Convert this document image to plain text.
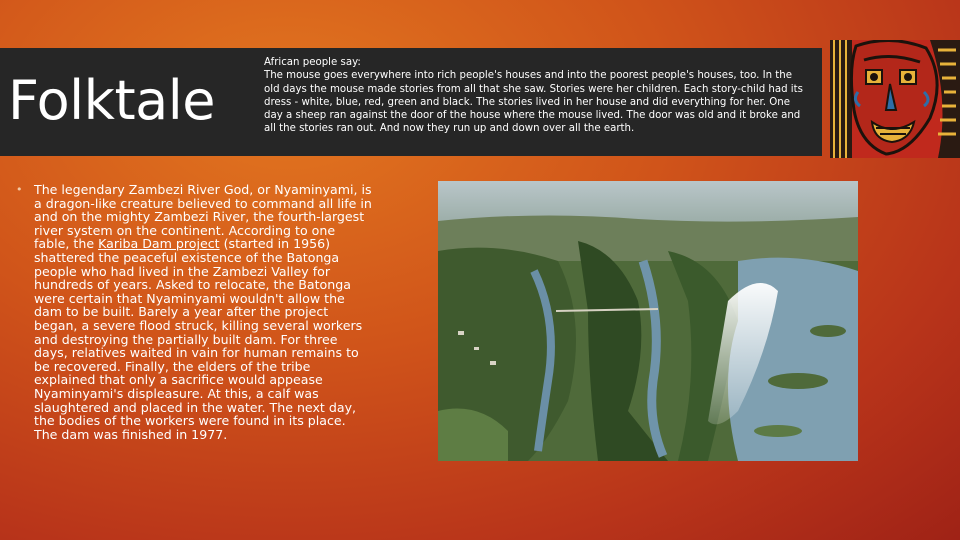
Folktale
African people say:
The mouse goes everywhere into rich people's houses and into the poorest people's houses, too. In the old days the mouse made stories from all that she saw. Stories were her children. Each story-child had its dress - white, blue, red, green and black. The stories lived in her house and did everything for her. One day a sheep ran against the door of the house where the mouse lived. The door was old and it broke and all the stories ran out. And now they run up and down over all the earth.
• The legendary Zambezi River God, or Nyaminyami, is a dragon-like creature believed to command all life in and on the mighty Zambezi River, the fourth-largest river system on the continent. According to one fable, the Kariba Dam project (started in 1956) shattered the peaceful existence of the Batonga people who had lived in the Zambezi Valley for hundreds of years. Asked to relocate, the Batonga were certain that Nyaminyami wouldn't allow the dam to be built. Barely a year after the project began, a severe flood struck, killing several workers and destroying the partially built dam. For three days, relatives waited in vain for human remains to be recovered. Finally, the elders of the tribe explained that only a sacrifice would appease Nyaminyami's displeasure. At this, a calf was slaughtered and placed in the water. The next day, the bodies of the workers were found in its place. The dam was finished in 1977.
